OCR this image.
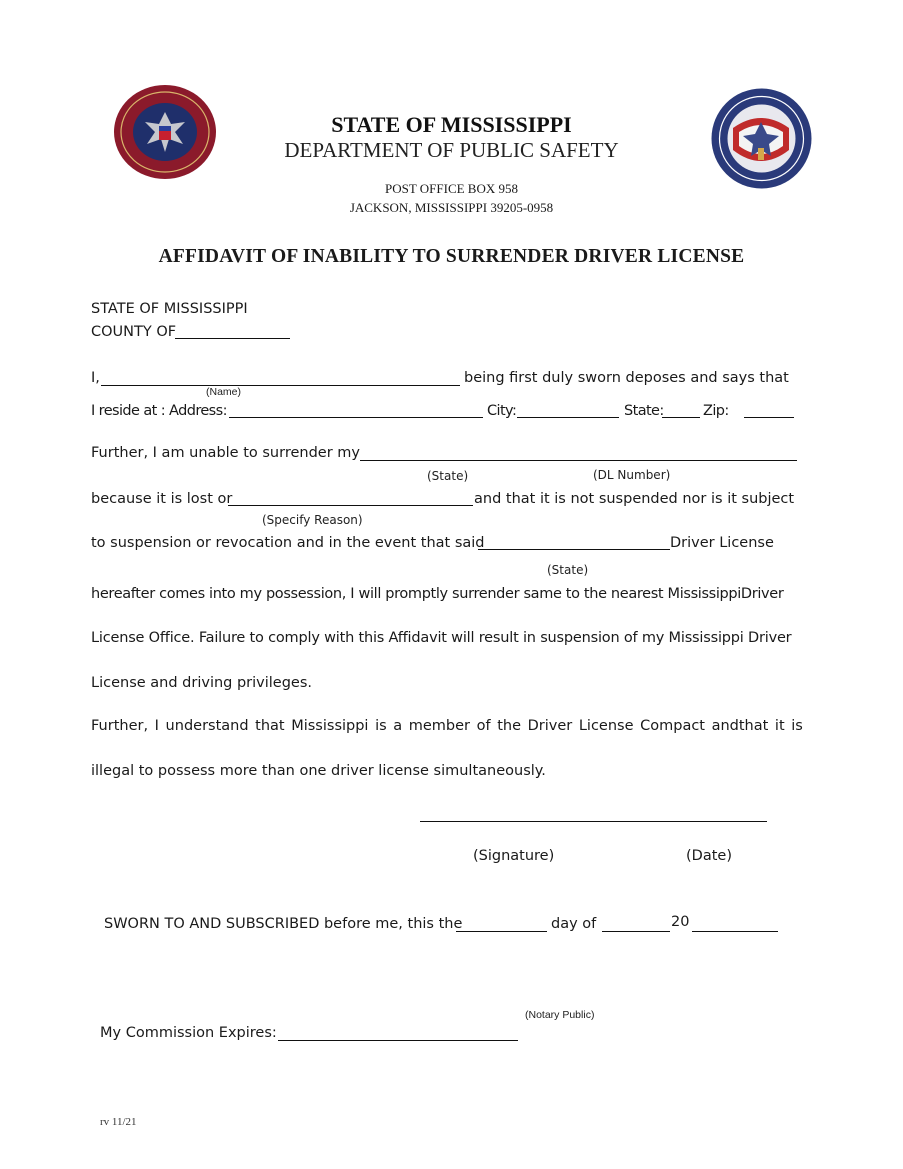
STATE OF MISSISSIPPI
DEPARTMENT OF PUBLIC SAFETY
POST OFFICE BOX 958
JACKSON, MISSISSIPPI 39205-0958
AFFIDAVIT OF INABILITY TO SURRENDER DRIVER LICENSE
STATE OF MISSISSIPPI
COUNTY OF
I,	being first duly sworn deposes and says that
(Name)
I reside at : Address:	City:	State:	Zip:
Further, I am unable to surrender my
(State)	(DL Number)
because it is lost or	and that it is not suspended nor is it subject
(Specify Reason)
to suspension or revocation and in the event that said	Driver License
(State)
hereafter comes into my possession, I will promptly surrender same to the nearest MississippiDriver
License Office. Failure to comply with this Affidavit will result in suspension of my Mississippi Driver
License and driving privileges.
Further, I understand that Mississippi is a member of the Driver License Compact andthat it is
illegal to possess more than one driver license simultaneously.
(Signature)	(Date)
SWORN TO AND SUBSCRIBED before me, this the	day of	20
(Notary Public)
My Commission Expires:
rv 11/21
